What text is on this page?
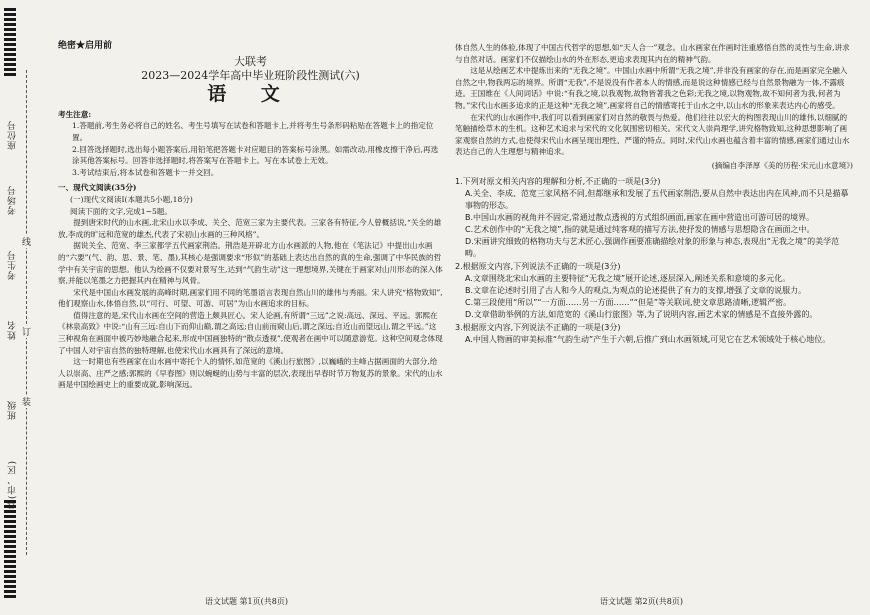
座位号
考场号
考生号
姓名
班级
县(市、区)
线
订
装
绝密★启用前
大联考
2023—2024学年高中毕业班阶段性测试(六)
语 文

考生注意:

1.答题前,考生务必将自己的姓名、考生号填写在试卷和答题卡上,并将考生号条形码粘贴在答题卡上的指定位置。

2.回答选择题时,选出每小题答案后,用铅笔把答题卡对应题目的答案标号涂黑。如需改动,用橡皮擦干净后,再选涂其他答案标号。回答非选择题时,将答案写在答题卡上。写在本试卷上无效。

3.考试结束后,将本试卷和答题卡一并交回。

一、现代文阅读(35分)

(一)现代文阅读Ⅰ(本题共5小题,18分)

阅读下面的文字,完成1~5题。

提到唐宋时代的山水画,北宋山水以李成、关仝、范宽三家为主要代表。三家各有特征,今人曾概括说,“关全的雄放,李成的旷远和范宽的雄杰,代表了宋初山水画的三种风格”。

据说关全、范宽、李三家都学五代画家荆浩。荆浩是开辟北方山水画派的人物,他在《笔法记》中提出山水画的“六要”(气、韵、思、景、笔、墨),其核心是强调要求“形似”的基础上表达出自然的真的生命,强调了中华民族的哲学中有关宇宙的思想。他认为绘画不仅要对景写生,达到“气韵生动”这一理想境界,关键在于画家对山川形态的深入体察,并能以笔墨之力把握其内在精神与风骨。

宋代是中国山水画发展的高峰时期,画家们用不同的笔墨语言表现自然山川的雄伟与秀丽。宋人讲究“格物致知”,他们观察山水,体悟自然,以“可行、可望、可游、可居”为山水画追求的目标。

值得注意的是,宋代山水画在空间的营造上颇具匠心。宋人论画,有所谓“三远”之说:高远、深远、平远。郭熙在《林泉高致》中说:“山有三远:自山下而仰山巅,谓之高远;自山前而窥山后,谓之深远;自近山而望远山,谓之平远。”这三种视角在画面中被巧妙地融合起来,形成中国画独特的“散点透视”,使观者在画中可以随意游览。这种空间观念体现了中国人对宇宙自然的独特理解,也使宋代山水画具有了深远的意境。

这一时期也有些画家在山水画中寄托个人的情怀,如范宽的《溪山行旅图》,以巍峨的主峰占据画面的大部分,给人以崇高、庄严之感;郭熙的《早春图》则以蜿蜒的山势与丰富的层次,表现出早春时节万物复苏的景象。宋代的山水画是中国绘画史上的重要成就,影响深远。

体自然人生的体验,体现了中国古代哲学的思想,如“天人合一”观念。山水画家在作画时注重感悟自然的灵性与生命,讲求与自然对话。画家们不仅描绘山水的外在形态,更追求表现其内在的精神气韵。

这是从绘画艺术中提炼出来的“无我之境”。中国山水画中所谓“无我之境”,并非没有画家的存在,而是画家完全融入自然之中,物我两忘的境界。所谓“无我”,不是说没有作者本人的情感,而是说这种情感已经与自然景物融为一体,不露痕迹。王国维在《人间词话》中说:“有我之境,以我观物,故物皆著我之色彩;无我之境,以物观物,故不知何者为我,何者为物。”宋代山水画多追求的正是这种“无我之境”,画家将自己的情感寄托于山水之中,以山水的形象来表达内心的感受。

在宋代的山水画作中,我们可以看到画家们对自然的敬畏与热爱。他们往往以宏大的构图表现山川的雄伟,以细腻的笔触描绘草木的生机。这种艺术追求与宋代的文化氛围密切相关。宋代文人崇尚理学,讲究格物致知,这种思想影响了画家观察自然的方式,也使得宋代山水画呈现出理性、严谨的特点。同时,宋代山水画也蕴含着丰富的情感,画家们通过山水表达自己的人生理想与精神追求。

(摘编自李泽厚《美的历程·宋元山水意境》)

1.下列对原文相关内容的理解和分析,不正确的一项是(3分)

A.关全、李成、范宽三家风格不同,但都继承和发展了五代画家荆浩,要从自然中表达出内在风神,而不只是描摹事物的形态。

B.中国山水画的视角并不固定,常通过散点透视的方式组织画面,画家在画中营造出可游可居的境界。

C.艺术创作中的“无我之境”,指的就是通过纯客观的描写方法,使抒发的情感与思想隐含在画面之中。

D.宋画讲究细致的格物功夫与艺术匠心,强调作画要准确描绘对象的形象与神态,表现出“无我之境”的美学范畴。

2.根据原文内容,下列说法不正确的一项是(3分)

A.文章围绕北宋山水画的主要特征“无我之境”展开论述,逐层深入,阐述关系和意境的多元化。

B.文章在论述时引用了古人和今人的观点,为观点的论述提供了有力的支撑,增强了文章的说服力。

C.第三段使用“所以”“一方面……另一方面……”“但是”等关联词,使文章思路清晰,逻辑严密。

D.文章借助举例的方法,如范宽的《溪山行旅图》等,为了说明内容,画艺术家的情感是不直接外露的。

3.根据原文内容,下列说法不正确的一项是(3分)

A.中国人物画的审美标准“气韵生动”产生于六朝,后推广到山水画领域,可见它在艺术领域处于核心地位。

语文试题 第1页(共8页)	语文试题 第2页(共8页)
